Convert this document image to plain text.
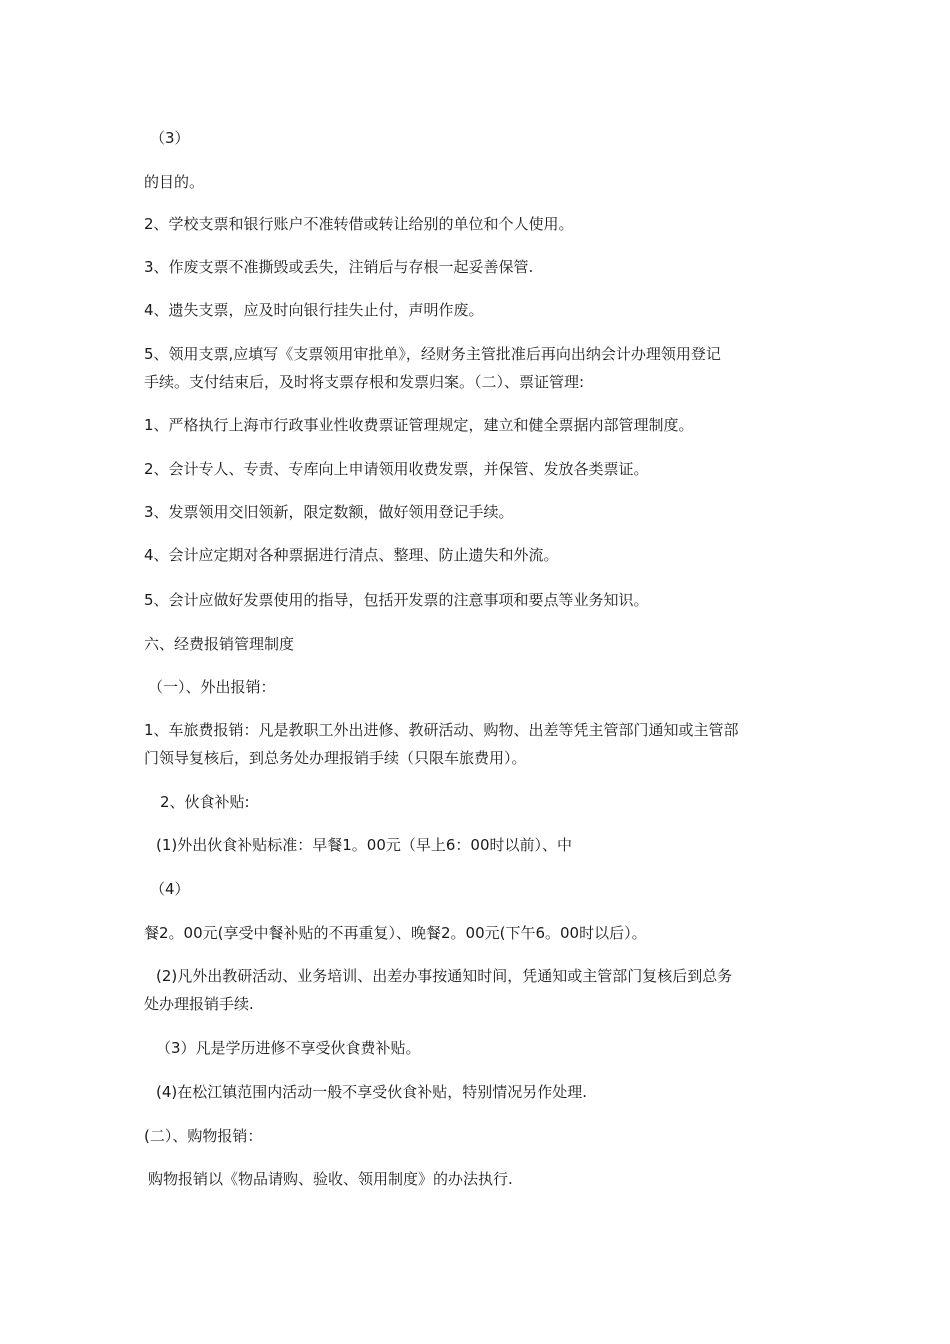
（3）
的目的。
2、学校支票和银行账户不准转借或转让给别的单位和个人使用。
3、作废支票不准撕毁或丢失，注销后与存根一起妥善保管.
4、遗失支票，应及时向银行挂失止付，声明作废。
5、领用支票,应填写《支票领用审批单》，经财务主管批准后再向出纳会计办理领用登记
手续。支付结束后，及时将支票存根和发票归案。（二）、票证管理:
1、严格执行上海市行政事业性收费票证管理规定，建立和健全票据内部管理制度。
2、会计专人、专责、专库向上申请领用收费发票，并保管、发放各类票证。
3、发票领用交旧领新，限定数额，做好领用登记手续。
4、会计应定期对各种票据进行清点、整理、防止遗失和外流。
5、会计应做好发票使用的指导，包括开发票的注意事项和要点等业务知识。
六、经费报销管理制度
（一）、外出报销：
1、车旅费报销：凡是教职工外出进修、教研活动、购物、出差等凭主管部门通知或主管部
门领导复核后，到总务处办理报销手续（只限车旅费用）。
2、伙食补贴:
(1)外出伙食补贴标准：早餐1。00元（早上6：00时以前）、中
（4）
餐2。00元(享受中餐补贴的不再重复）、晚餐2。00元(下午6。00时以后）。
(2)凡外出教研活动、业务培训、出差办事按通知时间，凭通知或主管部门复核后到总务
处办理报销手续.
（3）凡是学历进修不享受伙食费补贴。
(4)在松江镇范围内活动一般不享受伙食补贴，特别情况另作处理.
(二）、购物报销：
购物报销以《物品请购、验收、领用制度》的办法执行.
